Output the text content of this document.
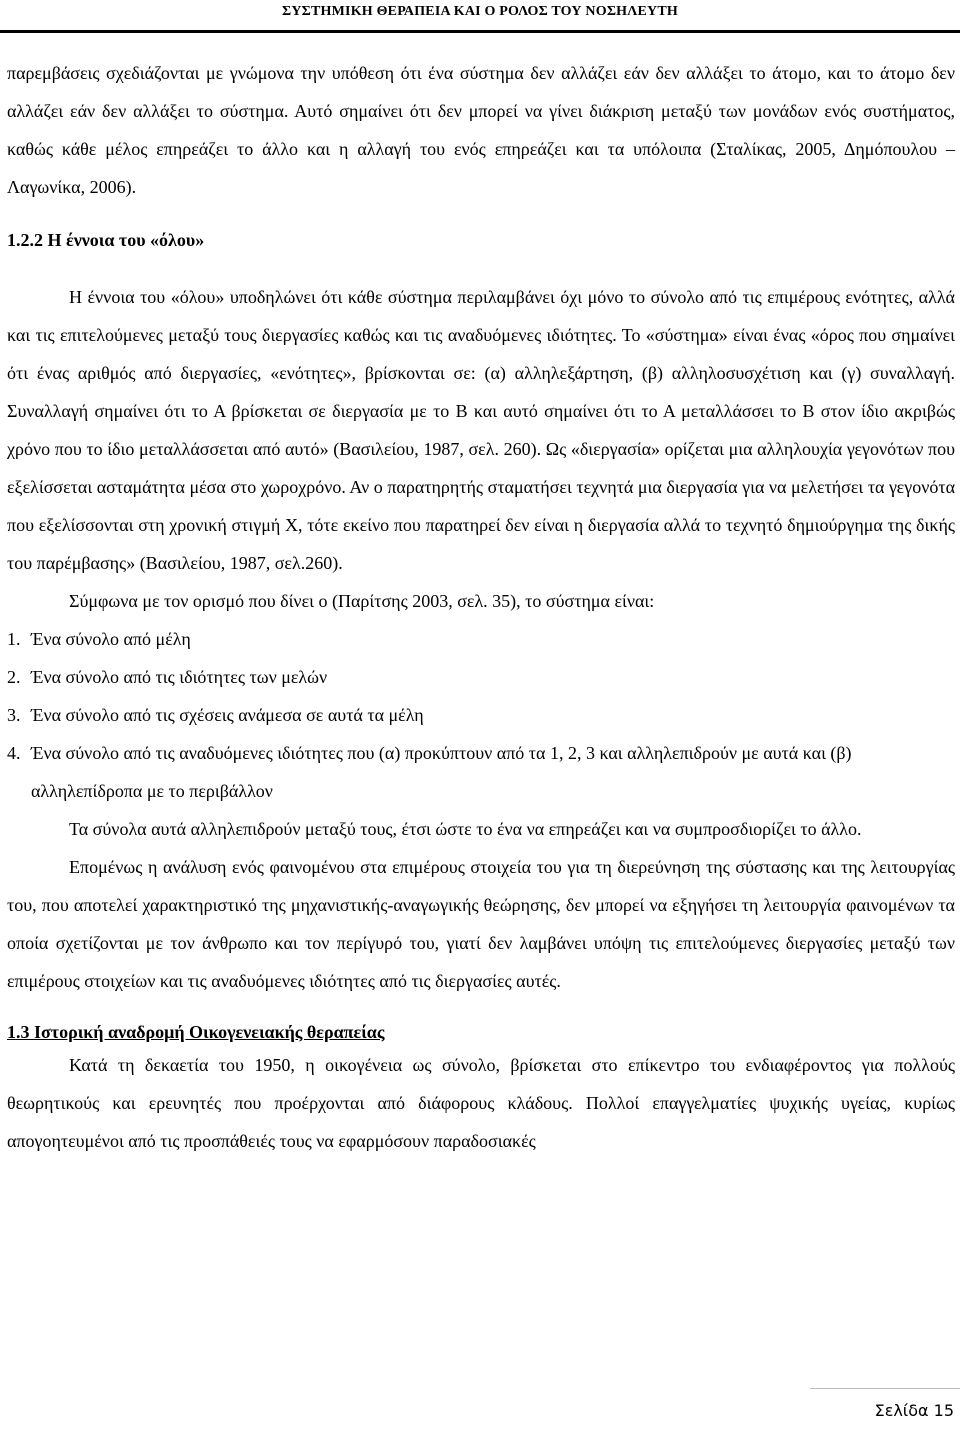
ΣΥΣΤΗΜΙΚΗ ΘΕΡΑΠΕΙΑ ΚΑΙ Ο ΡΟΛΟΣ ΤΟΥ ΝΟΣΗΛΕΥΤΗ

παρεμβάσεις σχεδιάζονται με γνώμονα την υπόθεση ότι ένα σύστημα δεν αλλάζει εάν δεν αλλάξει το άτομο, και το άτομο δεν αλλάζει εάν δεν αλλάξει το σύστημα. Αυτό σημαίνει ότι δεν μπορεί να γίνει διάκριση μεταξύ των μονάδων ενός συστήματος, καθώς κάθε μέλος επηρεάζει το άλλο και η αλλαγή του ενός επηρεάζει και τα υπόλοιπα (Σταλίκας, 2005, Δημόπουλου – Λαγωνίκα, 2006).

1.2.2 Η έννοια του «όλου»

Η έννοια του «όλου» υποδηλώνει ότι κάθε σύστημα περιλαμβάνει όχι μόνο το σύνολο από τις επιμέρους ενότητες, αλλά και τις επιτελούμενες μεταξύ τους διεργασίες καθώς και τις αναδυόμενες ιδιότητες. Το «σύστημα» είναι ένας «όρος που σημαίνει ότι ένας αριθμός από διεργασίες, «ενότητες», βρίσκονται σε: (α) αλληλεξάρτηση, (β) αλληλοσυσχέτιση και (γ) συναλλαγή. Συναλλαγή σημαίνει ότι το Α βρίσκεται σε διεργασία με το Β και αυτό σημαίνει ότι το Α μεταλλάσσει το Β στον ίδιο ακριβώς χρόνο που το ίδιο μεταλλάσσεται από αυτό» (Βασιλείου, 1987, σελ. 260). Ως «διεργασία» ορίζεται μια αλληλουχία γεγονότων που εξελίσσεται ασταμάτητα μέσα στο χωροχρόνο. Αν ο παρατηρητής σταματήσει τεχνητά μια διεργασία για να μελετήσει τα γεγονότα που εξελίσσονται στη χρονική στιγμή Χ, τότε εκείνο που παρατηρεί δεν είναι η διεργασία αλλά το τεχνητό δημιούργημα της δικής του παρέμβασης» (Βασιλείου, 1987, σελ.260).

Σύμφωνα με τον ορισμό που δίνει ο (Παρίτσης 2003, σελ. 35), το σύστημα είναι:

1. Ένα σύνολο από μέλη

2. Ένα σύνολο από τις ιδιότητες των μελών

3. Ένα σύνολο από τις σχέσεις ανάμεσα σε αυτά τα μέλη

4. Ένα σύνολο από τις αναδυόμενες ιδιότητες που (α) προκύπτουν από τα 1, 2, 3 και αλληλεπιδρούν με αυτά και (β) αλληλεπίδροπα με το περιβάλλον

Τα σύνολα αυτά αλληλεπιδρούν μεταξύ τους, έτσι ώστε το ένα να επηρεάζει και να συμπροσδιορίζει το άλλο.

Επομένως η ανάλυση ενός φαινομένου στα επιμέρους στοιχεία του για τη διερεύνηση της σύστασης και της λειτουργίας του, που αποτελεί χαρακτηριστικό της μηχανιστικής-αναγωγικής θεώρησης, δεν μπορεί να εξηγήσει τη λειτουργία φαινομένων τα οποία σχετίζονται με τον άνθρωπο και τον περίγυρό του, γιατί δεν λαμβάνει υπόψη τις επιτελούμενες διεργασίες μεταξύ των επιμέρους στοιχείων και τις αναδυόμενες ιδιότητες από τις διεργασίες αυτές.

1.3 Ιστορική αναδρομή Οικογενειακής θεραπείας

Κατά τη δεκαετία του 1950, η οικογένεια ως σύνολο, βρίσκεται στο επίκεντρο του ενδιαφέροντος για πολλούς θεωρητικούς και ερευνητές που προέρχονται από διάφορους κλάδους. Πολλοί επαγγελματίες ψυχικής υγείας, κυρίως απογοητευμένοι από τις προσπάθειές τους να εφαρμόσουν παραδοσιακές

Σελίδα 15
